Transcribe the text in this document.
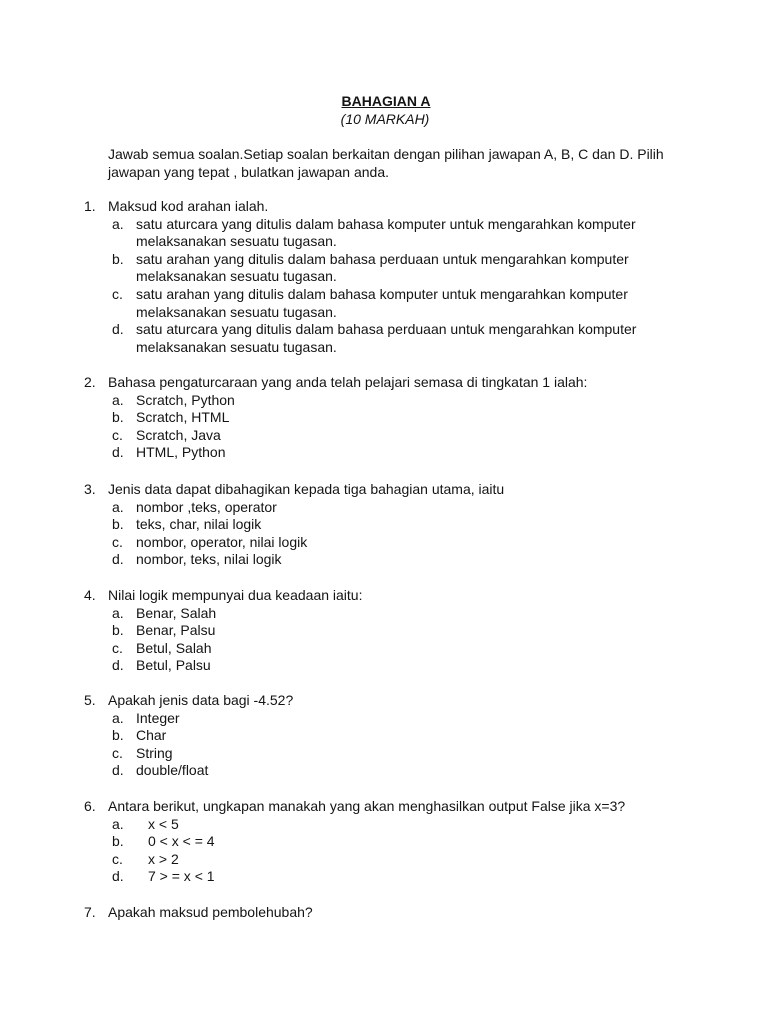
BAHAGIAN A
(10 MARKAH)
Jawab semua soalan.Setiap soalan berkaitan dengan pilihan jawapan A, B, C dan D. Pilih
jawapan yang tepat , bulatkan jawapan anda.
1. Maksud kod arahan ialah.
a. satu aturcara yang ditulis dalam bahasa komputer untuk mengarahkan komputer
melaksanakan sesuatu tugasan.
b. satu arahan yang ditulis dalam bahasa perduaan untuk mengarahkan komputer
melaksanakan sesuatu tugasan.
c. satu arahan yang ditulis dalam bahasa komputer untuk mengarahkan komputer
melaksanakan sesuatu tugasan.
d. satu aturcara yang ditulis dalam bahasa perduaan untuk mengarahkan komputer
melaksanakan sesuatu tugasan.
2. Bahasa pengaturcaraan yang anda telah pelajari semasa di tingkatan 1 ialah:
a. Scratch, Python
b. Scratch, HTML
c. Scratch, Java
d. HTML, Python
3. Jenis data dapat dibahagikan kepada tiga bahagian utama, iaitu
a. nombor ,teks, operator
b. teks, char, nilai logik
c. nombor, operator, nilai logik
d. nombor, teks, nilai logik
4. Nilai logik mempunyai dua keadaan iaitu:
a. Benar, Salah
b. Benar, Palsu
c. Betul, Salah
d. Betul, Palsu
5. Apakah jenis data bagi -4.52?
a. Integer
b. Char
c. String
d. double/float
6. Antara berikut, ungkapan manakah yang akan menghasilkan output False jika x=3?
a.	x < 5
b.	0 < x < = 4
c.	x > 2
d.	7 > = x < 1
7. Apakah maksud pembolehubah?
